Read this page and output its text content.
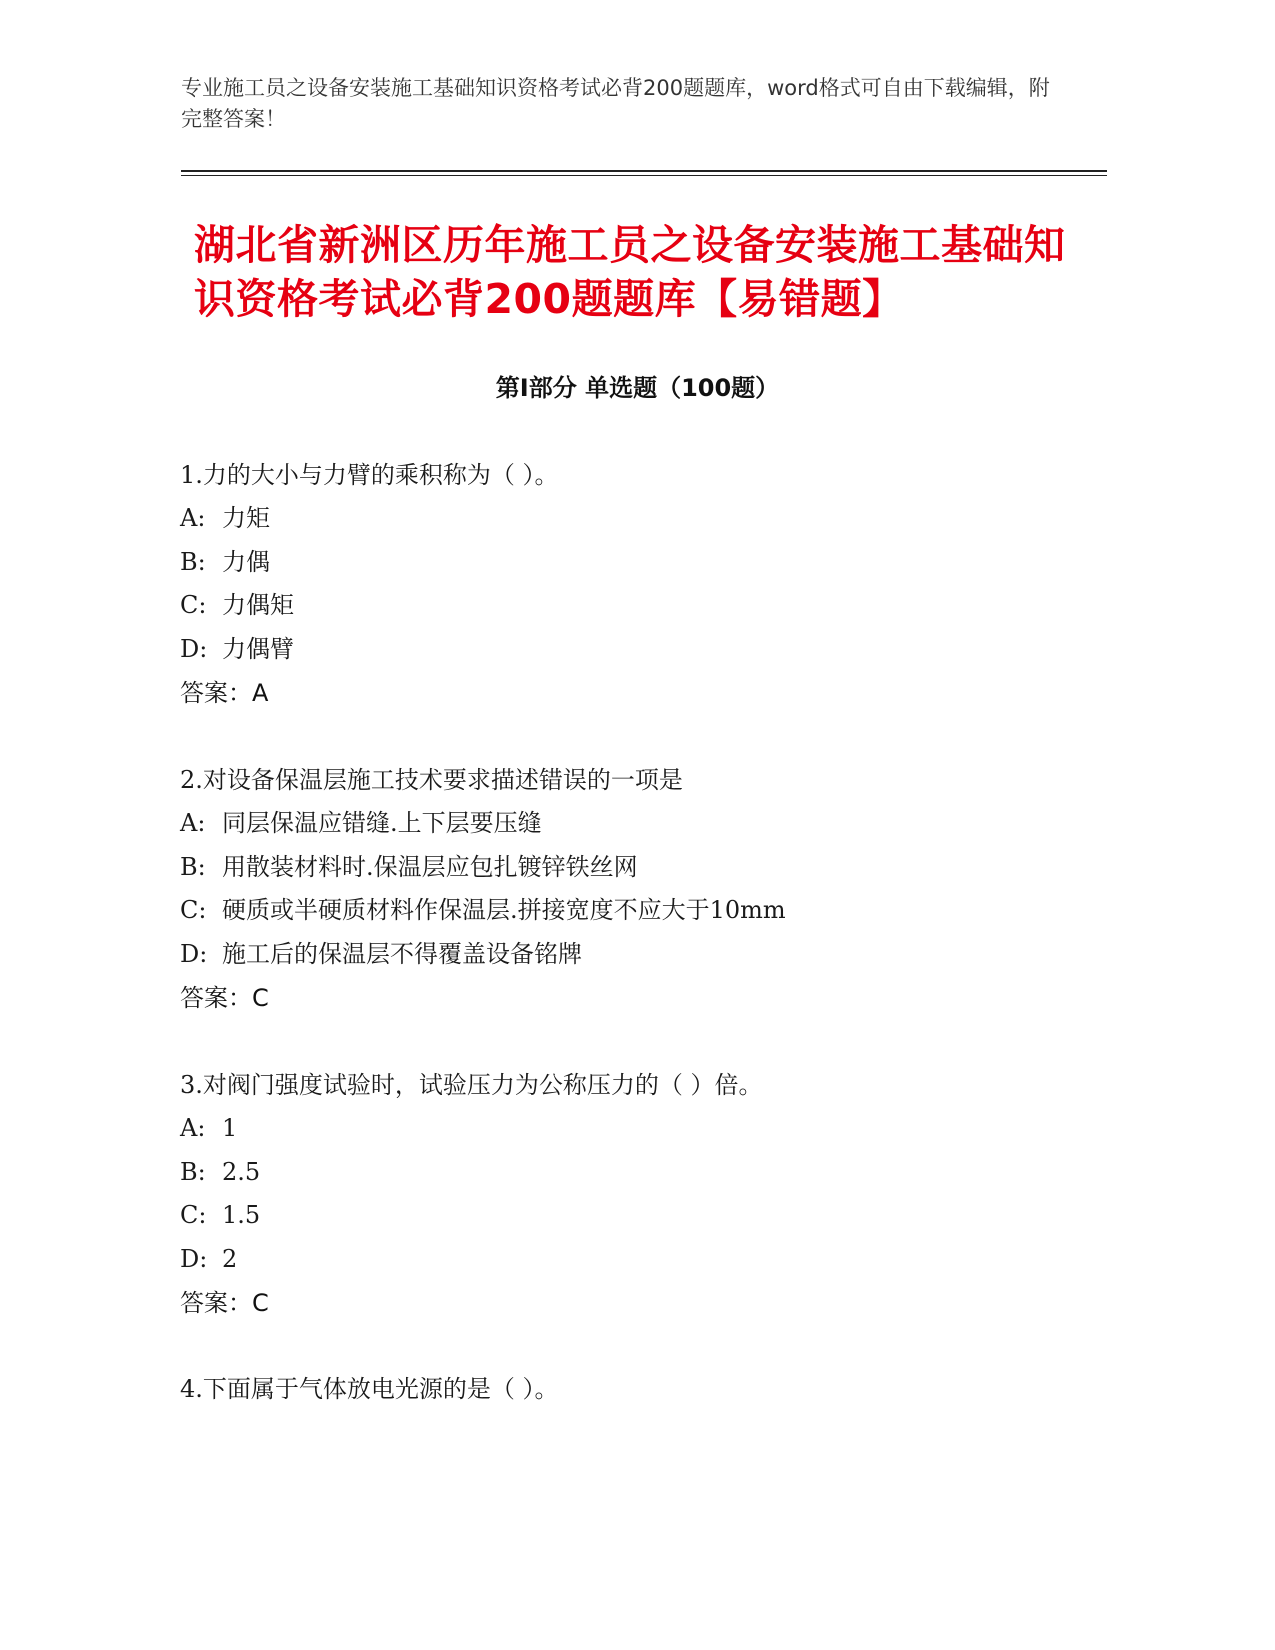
专业施工员之设备安装施工基础知识资格考试必背200题题库，word格式可自由下载编辑，附完整答案！
湖北省新洲区历年施工员之设备安装施工基础知识资格考试必背200题题库【易错题】
第Ⅰ部分 单选题（100题）
1.力的大小与力臂的乘积称为（ ）。
A: 力矩
B: 力偶
C: 力偶矩
D: 力偶臂
答案：A
2.对设备保温层施工技术要求描述错误的一项是
A: 同层保温应错缝.上下层要压缝
B: 用散装材料时.保温层应包扎镀锌铁丝网
C: 硬质或半硬质材料作保温层.拼接宽度不应大于10mm
D: 施工后的保温层不得覆盖设备铭牌
答案：C
3.对阀门强度试验时，试验压力为公称压力的（ ）倍。
A: 1
B: 2.5
C: 1.5
D: 2
答案：C
4.下面属于气体放电光源的是（ ）。
